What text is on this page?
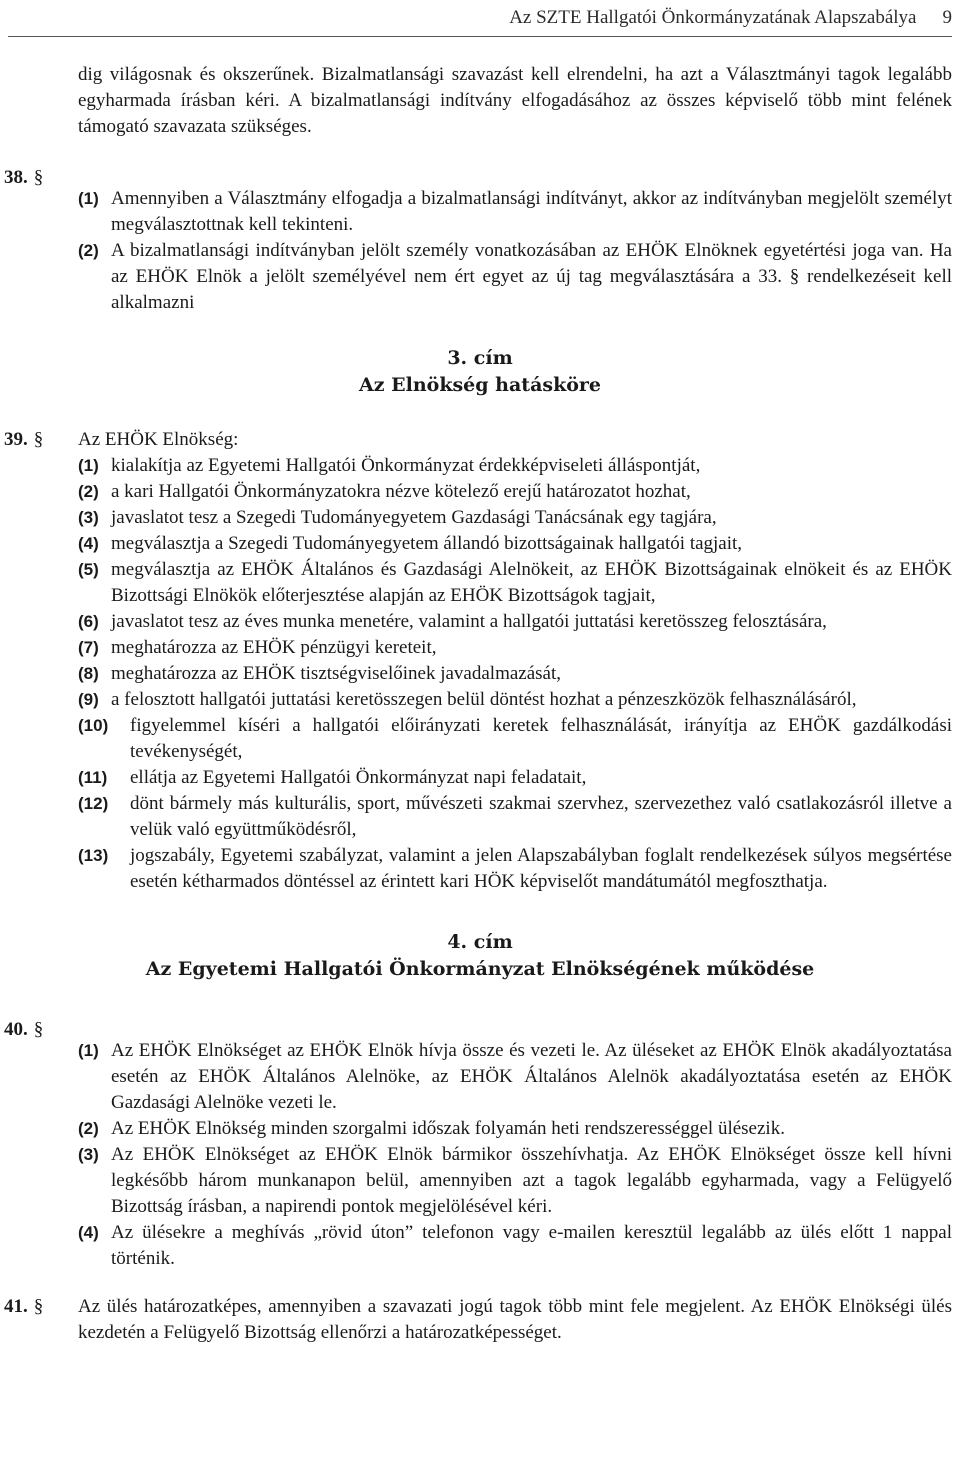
Az SZTE Hallgatói Önkormányzatának Alapszabálya 9

dig világosnak és okszerűnek. Bizalmatlansági szavazást kell elrendelni, ha azt a Választmányi tagok legalább egyharmada írásban kéri. A bizalmatlansági indítvány elfogadásához az összes képviselő több mint felének támogató szavazata szükséges.

38. §
(1) Amennyiben a Választmány elfogadja a bizalmatlansági indítványt, akkor az indítványban megjelölt személyt megválasztottnak kell tekinteni.
(2) A bizalmatlansági indítványban jelölt személy vonatkozásában az EHÖK Elnöknek egyetértési joga van. Ha az EHÖK Elnök a jelölt személyével nem ért egyet az új tag megválasztására a 33. § rendelkezéseit kell alkalmazni
3. cím
Az Elnökség hatásköre
39. § Az EHÖK Elnökség:
(1) kialakítja az Egyetemi Hallgatói Önkormányzat érdekképviseleti álláspontját,
(2) a kari Hallgatói Önkormányzatokra nézve kötelező erejű határozatot hozhat,
(3) javaslatot tesz a Szegedi Tudományegyetem Gazdasági Tanácsának egy tagjára,
(4) megválasztja a Szegedi Tudományegyetem állandó bizottságainak hallgatói tagjait,
(5) megválasztja az EHÖK Általános és Gazdasági Alelnökeit, az EHÖK Bizottságainak elnökeit és az EHÖK Bizottsági Elnökök előterjesztése alapján az EHÖK Bizottságok tagjait,
(6) javaslatot tesz az éves munka menetére, valamint a hallgatói juttatási keretösszeg felosztására,
(7) meghatározza az EHÖK pénzügyi kereteit,
(8) meghatározza az EHÖK tisztségviselőinek javadalmazását,
(9) a felosztott hallgatói juttatási keretösszegen belül döntést hozhat a pénzeszközök felhasználásáról,
(10) figyelemmel kíséri a hallgatói előirányzati keretek felhasználását, irányítja az EHÖK gazdálkodási tevékenységét,
(11) ellátja az Egyetemi Hallgatói Önkormányzat napi feladatait,
(12) dönt bármely más kulturális, sport, művészeti szakmai szervhez, szervezethez való csatlakozásról illetve a velük való együttműködésről,
(13) jogszabály, Egyetemi szabályzat, valamint a jelen Alapszabályban foglalt rendelkezések súlyos megsértése esetén kétharmados döntéssel az érintett kari HÖK képviselőt mandátumától megfoszthatja.
4. cím
Az Egyetemi Hallgatói Önkormányzat Elnökségének működése
40. §
(1) Az EHÖK Elnökséget az EHÖK Elnök hívja össze és vezeti le. Az üléseket az EHÖK Elnök akadályoztatása esetén az EHÖK Általános Alelnöke, az EHÖK Általános Alelnök akadályoztatása esetén az EHÖK Gazdasági Alelnöke vezeti le.
(2) Az EHÖK Elnökség minden szorgalmi időszak folyamán heti rendszerességgel ülésezik.
(3) Az EHÖK Elnökséget az EHÖK Elnök bármikor összehívhatja. Az EHÖK Elnökséget össze kell hívni legkésőbb három munkanapon belül, amennyiben azt a tagok legalább egyharmada, vagy a Felügyelő Bizottság írásban, a napirendi pontok megjelölésével kéri.
(4) Az ülésekre a meghívás „rövid úton” telefonon vagy e-mailen keresztül legalább az ülés előtt 1 nappal történik.
41. § Az ülés határozatképes, amennyiben a szavazati jogú tagok több mint fele megjelent. Az EHÖK Elnökségi ülés kezdetén a Felügyelő Bizottság ellenőrzi a határozatképességet.
